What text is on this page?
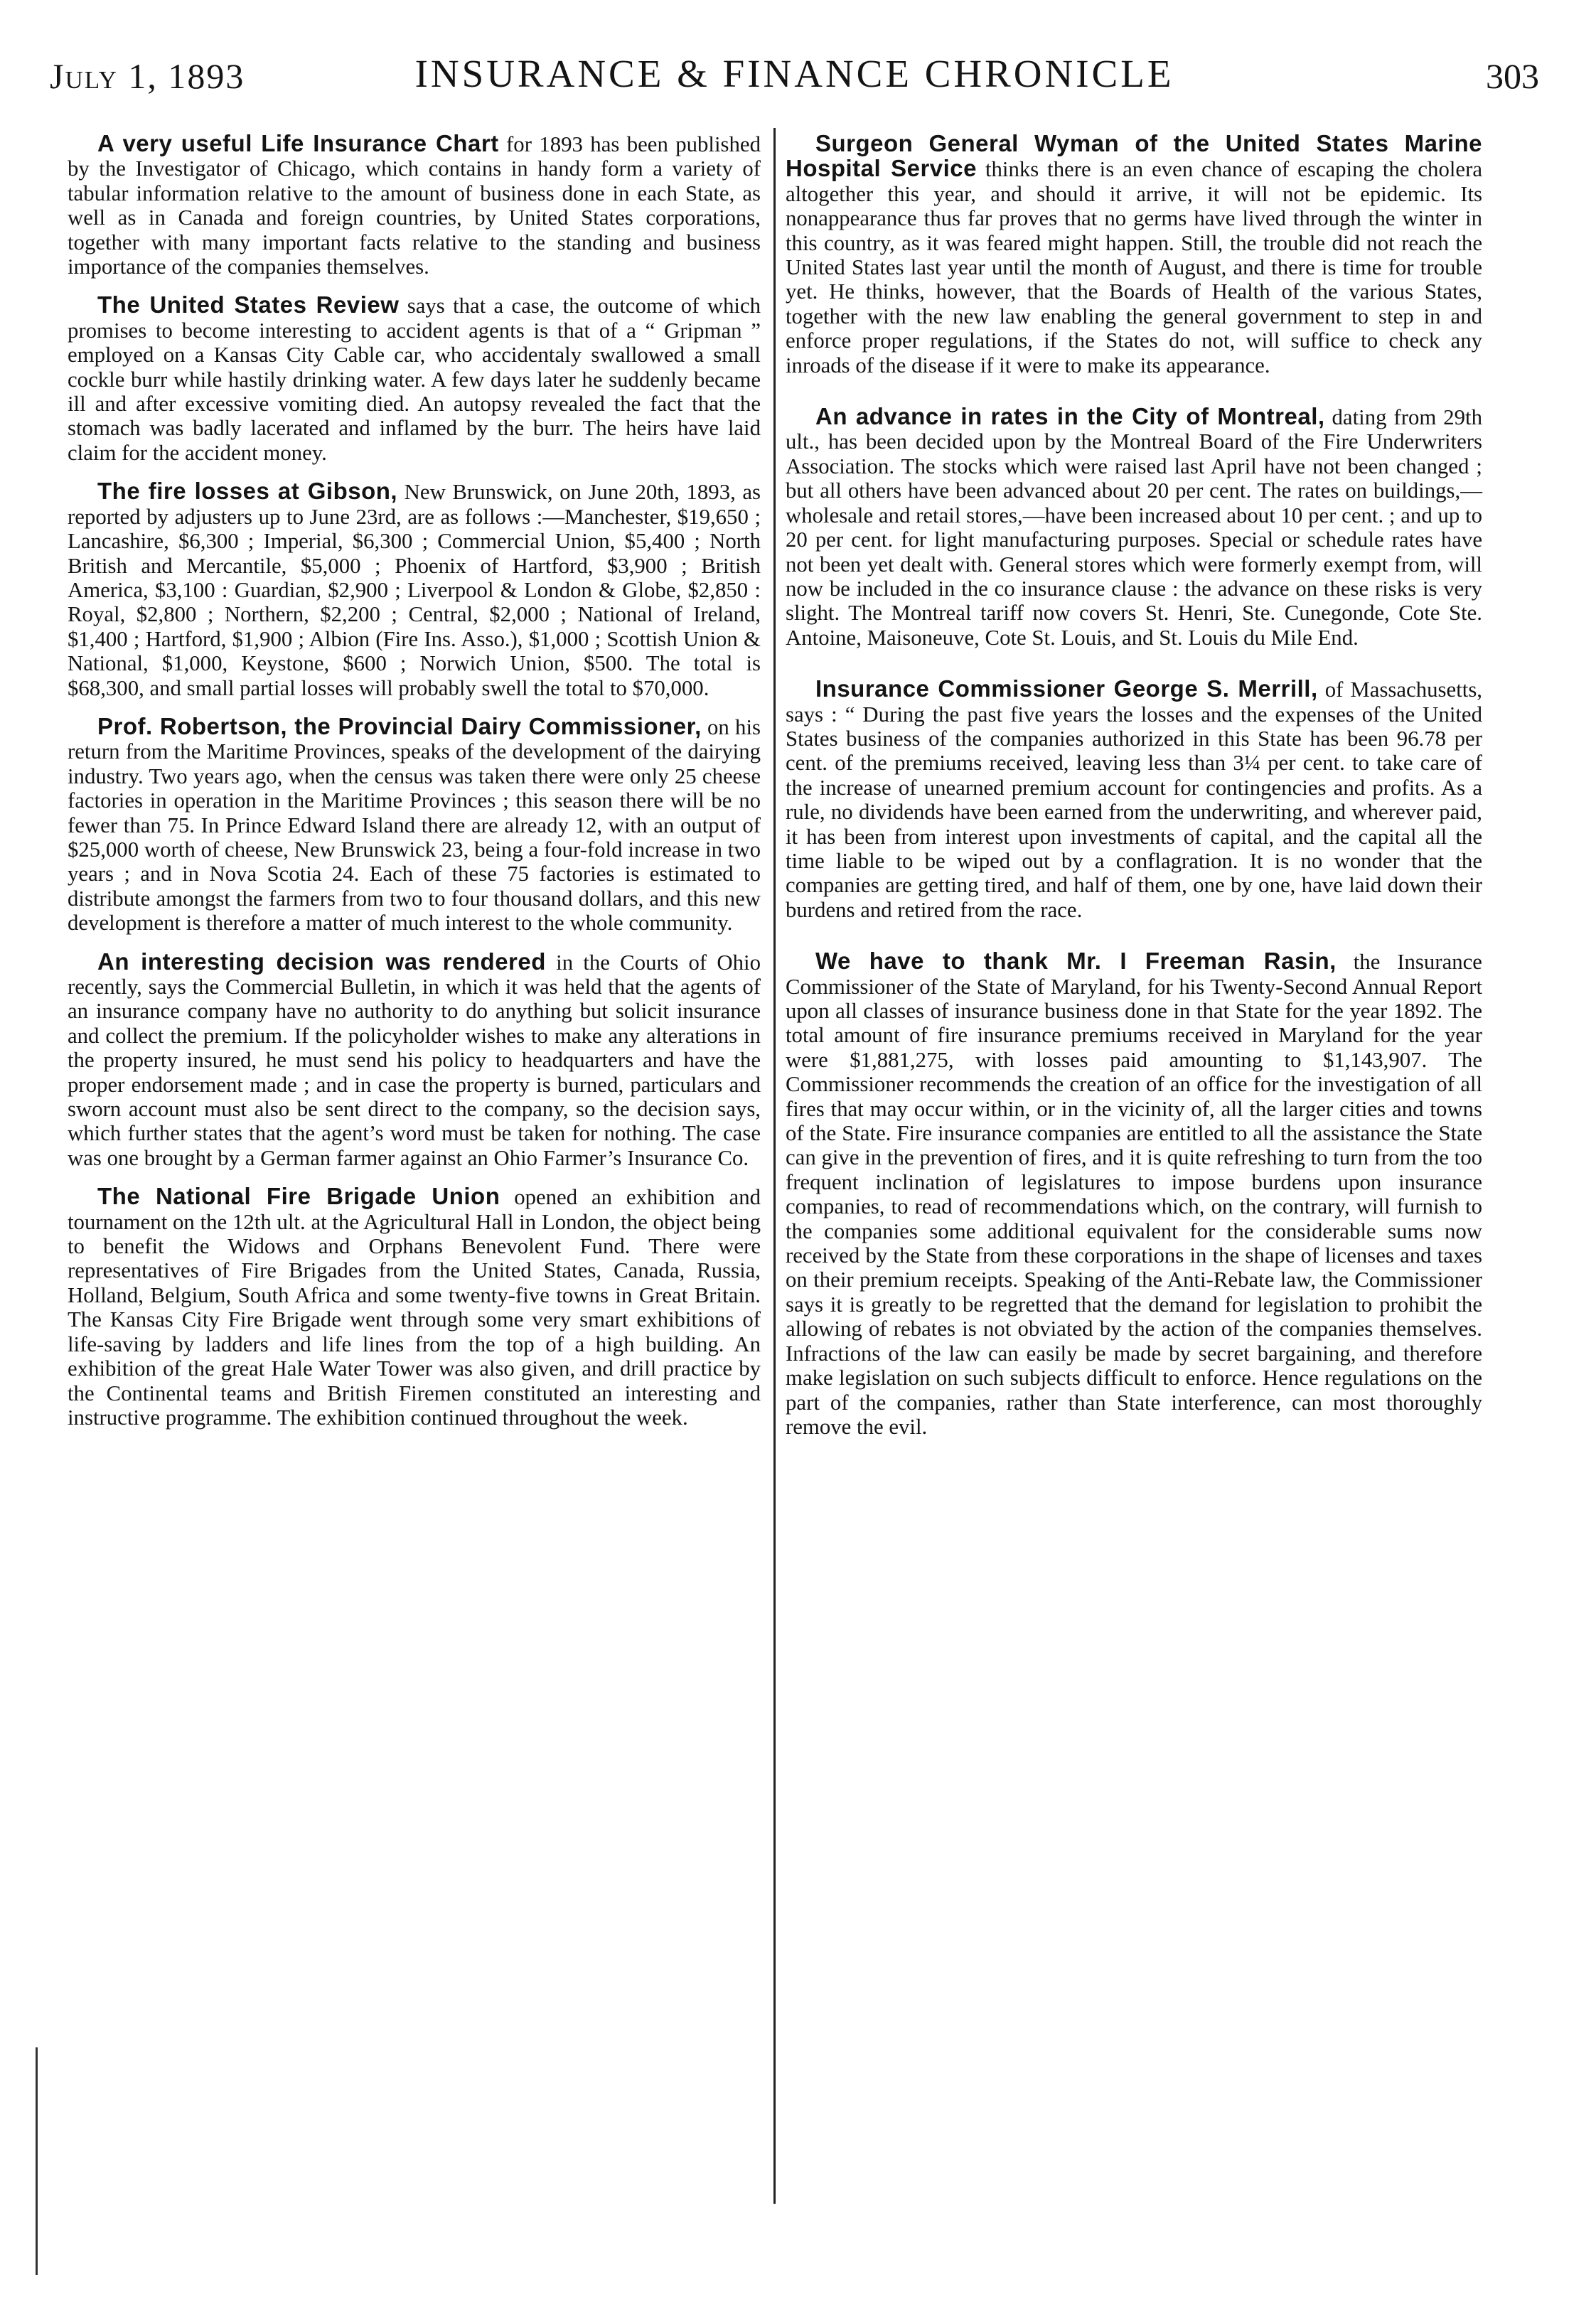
July 1, 1893	INSURANCE & FINANCE CHRONICLE	303

A very useful Life Insurance Chart for 1893 has been published by the Investigator of Chicago, which contains in handy form a variety of tabular information relative to the amount of business done in each State, as well as in Canada and foreign countries, by United States corporations, together with many important facts relative to the standing and business importance of the companies themselves.

The United States Review says that a case, the outcome of which promises to become interesting to accident agents is that of a “ Gripman ” employed on a Kansas City Cable car, who accidentaly swallowed a small cockle burr while hastily drinking water. A few days later he suddenly became ill and after excessive vomiting died. An autopsy revealed the fact that the stomach was badly lacerated and inflamed by the burr. The heirs have laid claim for the accident money.

The fire losses at Gibson, New Brunswick, on June 20th, 1893, as reported by adjusters up to June 23rd, are as follows :—Manchester, $19,650 ; Lancashire, $6,300 ; Imperial, $6,300 ; Commercial Union, $5,400 ; North British and Mercantile, $5,000 ; Phoenix of Hartford, $3,900 ; British America, $3,100 : Guardian, $2,900 ; Liverpool & London & Globe, $2,850 : Royal, $2,800 ; Northern, $2,200 ; Central, $2,000 ; National of Ireland, $1,400 ; Hartford, $1,900 ; Albion (Fire Ins. Asso.), $1,000 ; Scottish Union & National, $1,000, Keystone, $600 ; Norwich Union, $500. The total is $68,300, and small partial losses will probably swell the total to $70,000.

Prof. Robertson, the Provincial Dairy Commissioner, on his return from the Maritime Provinces, speaks of the development of the dairying industry. Two years ago, when the census was taken there were only 25 cheese factories in operation in the Maritime Provinces ; this season there will be no fewer than 75. In Prince Edward Island there are already 12, with an output of $25,000 worth of cheese, New Brunswick 23, being a four-fold increase in two years ; and in Nova Scotia 24. Each of these 75 factories is estimated to distribute amongst the farmers from two to four thousand dollars, and this new development is therefore a matter of much interest to the whole community.

An interesting decision was rendered in the Courts of Ohio recently, says the Commercial Bulletin, in which it was held that the agents of an insurance company have no authority to do anything but solicit insurance and collect the premium. If the policyholder wishes to make any alterations in the property insured, he must send his policy to headquarters and have the proper endorsement made ; and in case the property is burned, particulars and sworn account must also be sent direct to the company, so the decision says, which further states that the agent’s word must be taken for nothing. The case was one brought by a German farmer against an Ohio Farmer’s Insurance Co.

The National Fire Brigade Union opened an exhibition and tournament on the 12th ult. at the Agricultural Hall in London, the object being to benefit the Widows and Orphans Benevolent Fund. There were representatives of Fire Brigades from the United States, Canada, Russia, Holland, Belgium, South Africa and some twenty-five towns in Great Britain. The Kansas City Fire Brigade went through some very smart exhibitions of life-saving by ladders and life lines from the top of a high building. An exhibition of the great Hale Water Tower was also given, and drill practice by the Continental teams and British Firemen constituted an interesting and instructive programme. The exhibition continued throughout the week.

Surgeon General Wyman of the United States Marine Hospital Service thinks there is an even chance of escaping the cholera altogether this year, and should it arrive, it will not be epidemic. Its nonappearance thus far proves that no germs have lived through the winter in this country, as it was feared might happen. Still, the trouble did not reach the United States last year until the month of August, and there is time for trouble yet. He thinks, however, that the Boards of Health of the various States, together with the new law enabling the general government to step in and enforce proper regulations, if the States do not, will suffice to check any inroads of the disease if it were to make its appearance.

An advance in rates in the City of Montreal, dating from 29th ult., has been decided upon by the Montreal Board of the Fire Underwriters Association. The stocks which were raised last April have not been changed ; but all others have been advanced about 20 per cent. The rates on buildings,—wholesale and retail stores,—have been increased about 10 per cent. ; and up to 20 per cent. for light manufacturing purposes. Special or schedule rates have not been yet dealt with. General stores which were formerly exempt from, will now be included in the co insurance clause : the advance on these risks is very slight. The Montreal tariff now covers St. Henri, Ste. Cunegonde, Cote Ste. Antoine, Maisoneuve, Cote St. Louis, and St. Louis du Mile End.

Insurance Commissioner George S. Merrill, of Massachusetts, says : “ During the past five years the losses and the expenses of the United States business of the companies authorized in this State has been 96.78 per cent. of the premiums received, leaving less than 3¼ per cent. to take care of the increase of unearned premium account for contingencies and profits. As a rule, no dividends have been earned from the underwriting, and wherever paid, it has been from interest upon investments of capital, and the capital all the time liable to be wiped out by a conflagration. It is no wonder that the companies are getting tired, and half of them, one by one, have laid down their burdens and retired from the race.

We have to thank Mr. I Freeman Rasin, the Insurance Commissioner of the State of Maryland, for his Twenty-Second Annual Report upon all classes of insurance business done in that State for the year 1892. The total amount of fire insurance premiums received in Maryland for the year were $1,881,275, with losses paid amounting to $1,143,907. The Commissioner recommends the creation of an office for the investigation of all fires that may occur within, or in the vicinity of, all the larger cities and towns of the State. Fire insurance companies are entitled to all the assistance the State can give in the prevention of fires, and it is quite refreshing to turn from the too frequent inclination of legislatures to impose burdens upon insurance companies, to read of recommendations which, on the contrary, will furnish to the companies some additional equivalent for the considerable sums now received by the State from these corporations in the shape of licenses and taxes on their premium receipts. Speaking of the Anti-Rebate law, the Commissioner says it is greatly to be regretted that the demand for legislation to prohibit the allowing of rebates is not obviated by the action of the companies themselves. Infractions of the law can easily be made by secret bargaining, and therefore make legislation on such subjects difficult to enforce. Hence regulations on the part of the companies, rather than State interference, can most thoroughly remove the evil.
